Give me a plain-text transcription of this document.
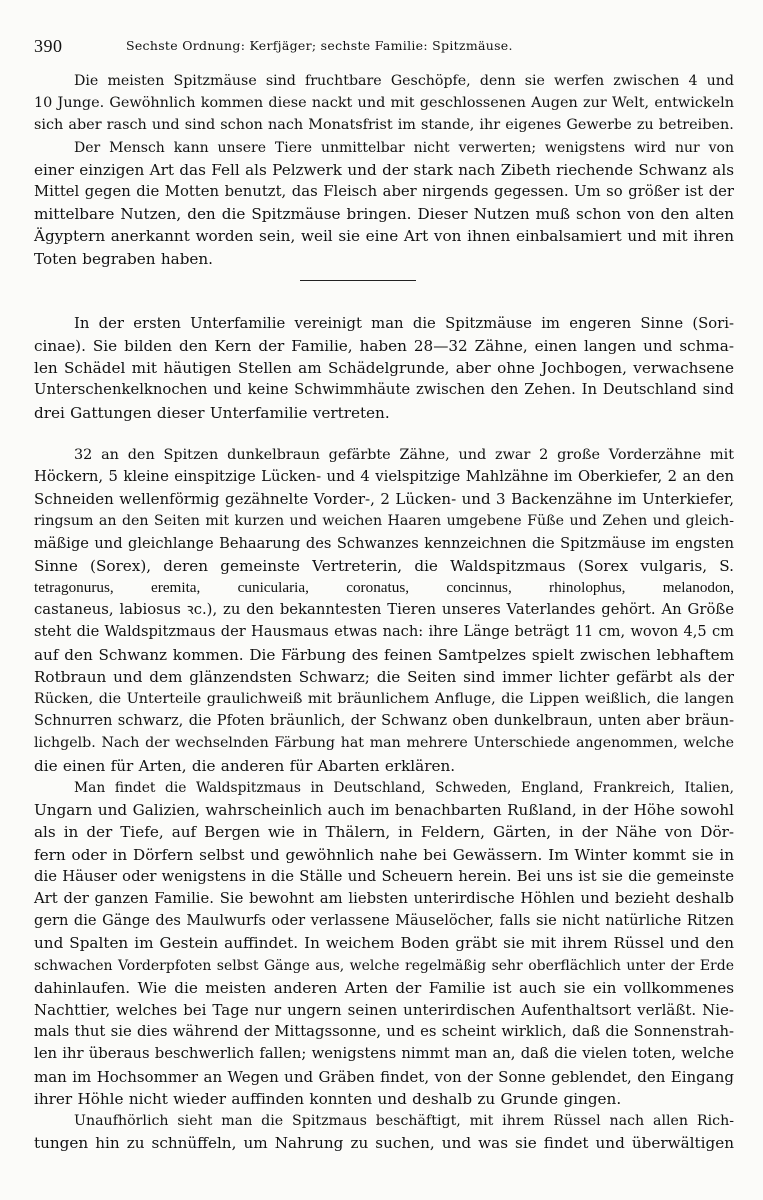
390	Sechste Ordnung: Kerfjäger; sechste Familie: Spitzmäuse.
Die meisten Spitzmäuse sind fruchtbare Geschöpfe, denn sie werfen zwischen 4 und
10 Junge. Gewöhnlich kommen diese nackt und mit geschlossenen Augen zur Welt, entwickeln
sich aber rasch und sind schon nach Monatsfrist im stande, ihr eigenes Gewerbe zu betreiben.
Der Mensch kann unsere Tiere unmittelbar nicht verwerten; wenigstens wird nur von
einer einzigen Art das Fell als Pelzwerk und der stark nach Zibeth riechende Schwanz als
Mittel gegen die Motten benutzt, das Fleisch aber nirgends gegessen. Um so größer ist der
mittelbare Nutzen, den die Spitzmäuse bringen. Dieser Nutzen muß schon von den alten
Ägyptern anerkannt worden sein, weil sie eine Art von ihnen einbalsamiert und mit ihren
Toten begraben haben.
In der ersten Unterfamilie vereinigt man die Spitzmäuse im engeren Sinne (Sori-
cinae). Sie bilden den Kern der Familie, haben 28—32 Zähne, einen langen und schma-
len Schädel mit häutigen Stellen am Schädelgrunde, aber ohne Jochbogen, verwachsene
Unterschenkelknochen und keine Schwimmhäute zwischen den Zehen. In Deutschland sind
drei Gattungen dieser Unterfamilie vertreten.
32 an den Spitzen dunkelbraun gefärbte Zähne, und zwar 2 große Vorderzähne mit
Höckern, 5 kleine einspitzige Lücken- und 4 vielspitzige Mahlzähne im Oberkiefer, 2 an den
Schneiden wellenförmig gezähnelte Vorder-, 2 Lücken- und 3 Backenzähne im Unterkiefer,
ringsum an den Seiten mit kurzen und weichen Haaren umgebene Füße und Zehen und gleich-
mäßige und gleichlange Behaarung des Schwanzes kennzeichnen die Spitzmäuse im engsten
Sinne (Sorex), deren gemeinste Vertreterin, die Waldspitzmaus (Sorex vulgaris, S.
tetragonurus, eremita, cunicularia, coronatus, concinnus, rhinolophus, melanodon,
castaneus, labiosus ꝛc.), zu den bekanntesten Tieren unseres Vaterlandes gehört. An Größe
steht die Waldspitzmaus der Hausmaus etwas nach: ihre Länge beträgt 11 cm, wovon 4,5 cm
auf den Schwanz kommen. Die Färbung des feinen Samtpelzes spielt zwischen lebhaftem
Rotbraun und dem glänzendsten Schwarz; die Seiten sind immer lichter gefärbt als der
Rücken, die Unterteile graulichweiß mit bräunlichem Anfluge, die Lippen weißlich, die langen
Schnurren schwarz, die Pfoten bräunlich, der Schwanz oben dunkelbraun, unten aber bräun-
lichgelb. Nach der wechselnden Färbung hat man mehrere Unterschiede angenommen, welche
die einen für Arten, die anderen für Abarten erklären.
Man findet die Waldspitzmaus in Deutschland, Schweden, England, Frankreich, Italien,
Ungarn und Galizien, wahrscheinlich auch im benachbarten Rußland, in der Höhe sowohl
als in der Tiefe, auf Bergen wie in Thälern, in Feldern, Gärten, in der Nähe von Dör-
fern oder in Dörfern selbst und gewöhnlich nahe bei Gewässern. Im Winter kommt sie in
die Häuser oder wenigstens in die Ställe und Scheuern herein. Bei uns ist sie die gemeinste
Art der ganzen Familie. Sie bewohnt am liebsten unterirdische Höhlen und bezieht deshalb
gern die Gänge des Maulwurfs oder verlassene Mäuselöcher, falls sie nicht natürliche Ritzen
und Spalten im Gestein auffindet. In weichem Boden gräbt sie mit ihrem Rüssel und den
schwachen Vorderpfoten selbst Gänge aus, welche regelmäßig sehr oberflächlich unter der Erde
dahinlaufen. Wie die meisten anderen Arten der Familie ist auch sie ein vollkommenes
Nachttier, welches bei Tage nur ungern seinen unterirdischen Aufenthaltsort verläßt. Nie-
mals thut sie dies während der Mittagssonne, und es scheint wirklich, daß die Sonnenstrah-
len ihr überaus beschwerlich fallen; wenigstens nimmt man an, daß die vielen toten, welche
man im Hochsommer an Wegen und Gräben findet, von der Sonne geblendet, den Eingang
ihrer Höhle nicht wieder auffinden konnten und deshalb zu Grunde gingen.
Unaufhörlich sieht man die Spitzmaus beschäftigt, mit ihrem Rüssel nach allen Rich-
tungen hin zu schnüffeln, um Nahrung zu suchen, und was sie findet und überwältigen
